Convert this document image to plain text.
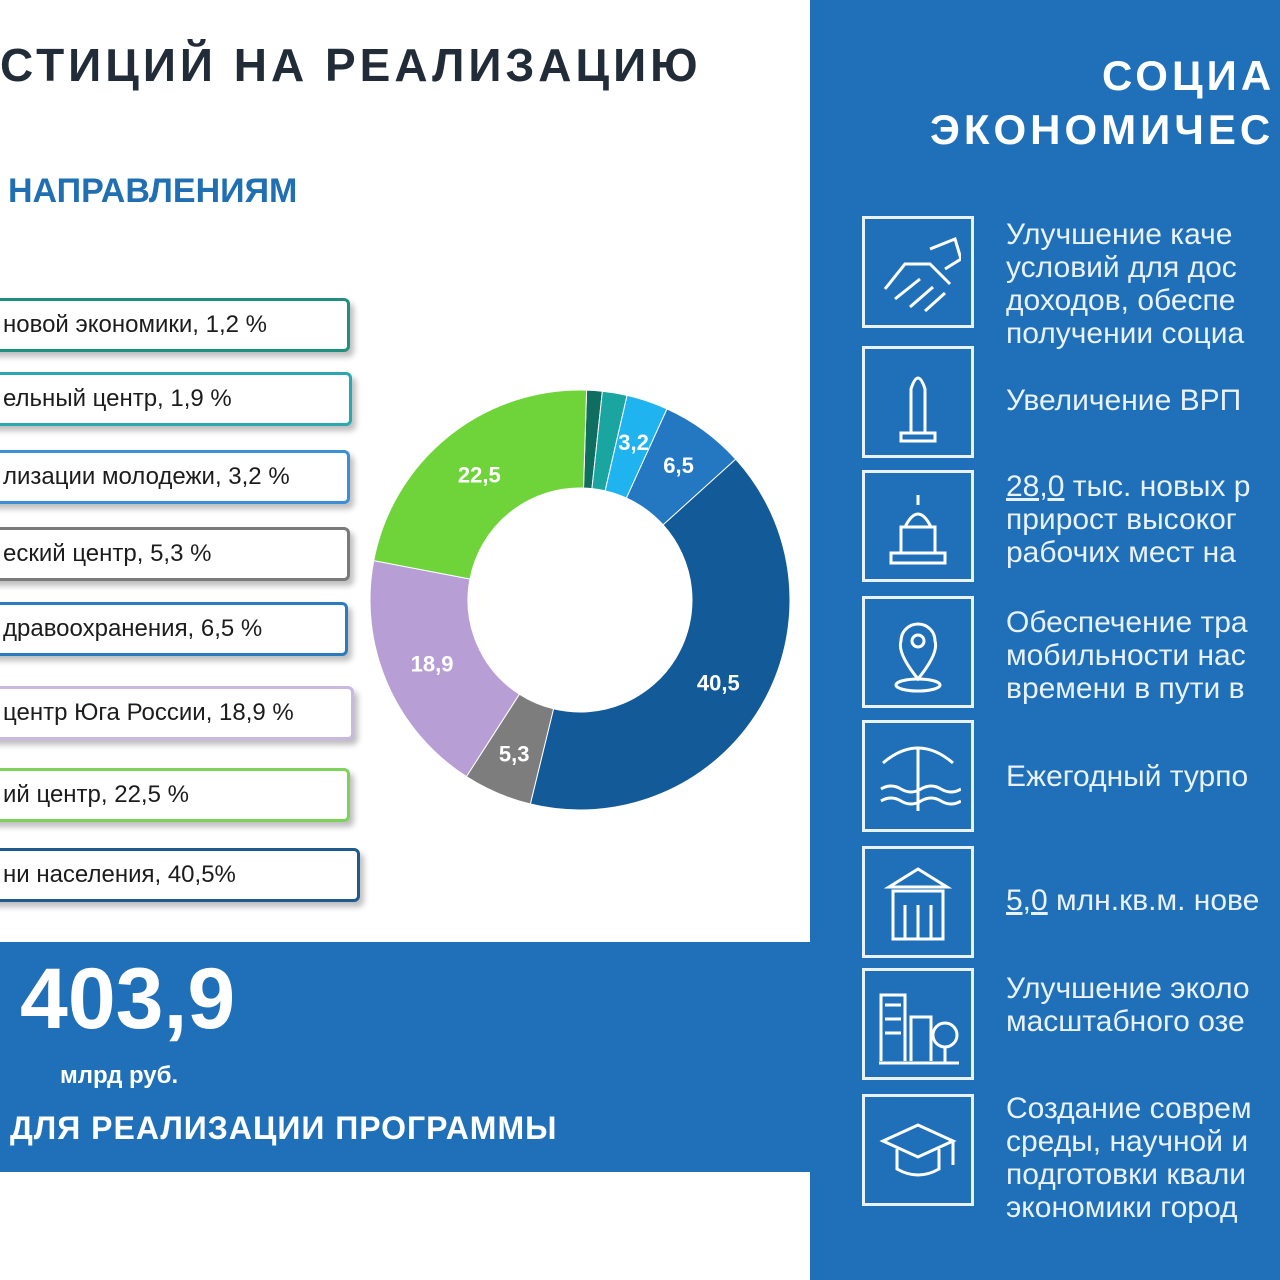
СТИЦИЙ НА РЕАЛИЗАЦИЮ
НАПРАВЛЕНИЯМ
новой экономики, 1,2 %
ельный центр, 1,9 %
лизации молодежи, 3,2 %
еский центр, 5,3 %
дравоохранения, 6,5 %
центр Юга России, 18,9 %
ий центр, 22,5 %
ни населения, 40,5%
3,2
6,5
40,5
5,3
18,9
22,5
403,9
млрд руб.
ДЛЯ РЕАЛИЗАЦИИ ПРОГРАММЫ
СОЦИА
ЭКОНОМИЧЕС
Улучшение каче
условий для дос
доходов, обеспе
получении социа
Увеличение ВРП
28,0 тыс. новых р
прирост высоког
рабочих мест на
Обеспечение тра
мобильности нас
времени в пути в
Ежегодный турпо
5,0 млн.кв.м. нове
Улучшение эколо
масштабного озе
Создание соврем
среды, научной и
подготовки квали
экономики город
